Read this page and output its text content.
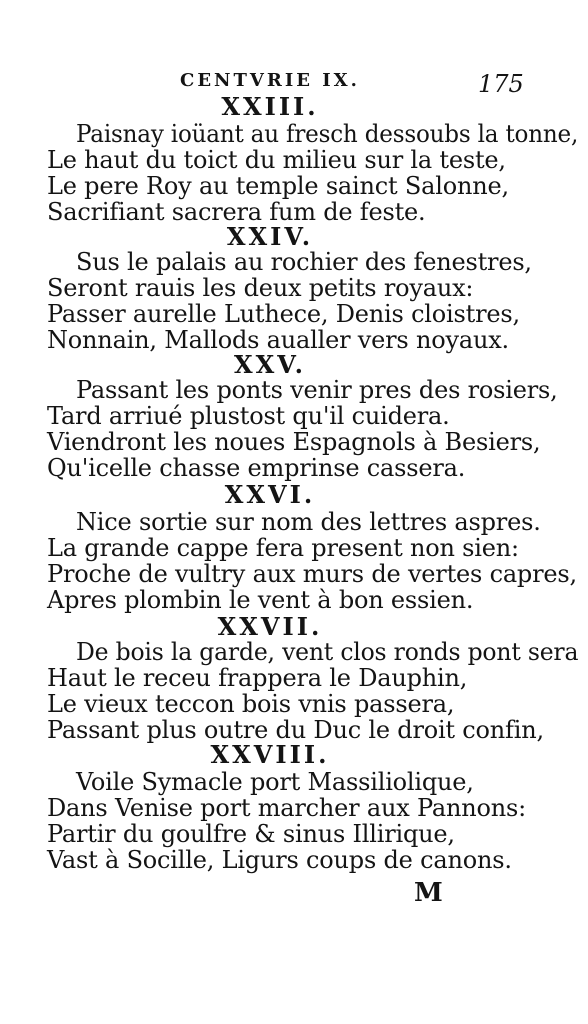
CENTVRIE IX.	175
XXIII.
Paisnay ioüant au fresch dessoubs la tonne,
Le haut du toict du milieu sur la teste,
Le pere Roy au temple sainct Salonne,
Sacrifiant sacrera fum de feste.
XXIV.
Sus le palais au rochier des fenestres,
Seront rauis les deux petits royaux:
Passer aurelle Luthece, Denis cloistres,
Nonnain, Mallods aualler vers noyaux.
XXV.
Passant les ponts venir pres des rosiers,
Tard arriué plustost qu'il cuidera.
Viendront les noues Espagnols à Besiers,
Qu'icelle chasse emprinse cassera.
XXVI.
Nice sortie sur nom des lettres aspres.
La grande cappe fera present non sien:
Proche de vultry aux murs de vertes capres,
Apres plombin le vent à bon essien.
XXVII.
De bois la garde, vent clos ronds pont sera
Haut le receu frappera le Dauphin,
Le vieux teccon bois vnis passera,
Passant plus outre du Duc le droit confin,
XXVIII.
Voile Symacle port Massiliolique,
Dans Venise port marcher aux Pannons:
Partir du goulfre & sinus Illirique,
Vast à Socille, Ligurs coups de canons.
M
